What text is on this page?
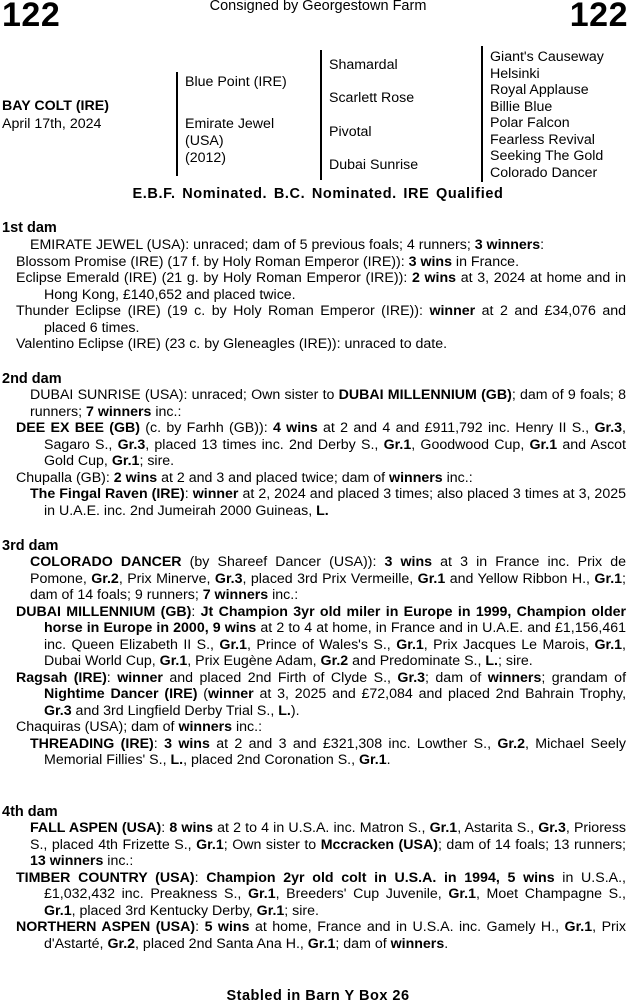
122	Consigned by Georgestown Farm	122
BAY COLT (IRE)
April 17th, 2024
Blue Point (IRE)
Emirate Jewel
(USA)
(2012)
Shamardal
Scarlett Rose
Pivotal
Dubai Sunrise
Giant's Causeway
Helsinki
Royal Applause
Billie Blue
Polar Falcon
Fearless Revival
Seeking The Gold
Colorado Dancer
E.B.F. Nominated. B.C. Nominated. IRE Qualified
1st dam

EMIRATE JEWEL (USA): unraced; dam of 5 previous foals; 4 runners; 3 winners:

Blossom Promise (IRE) (17 f. by Holy Roman Emperor (IRE)): 3 wins in France.

Eclipse Emerald (IRE) (21 g. by Holy Roman Emperor (IRE)): 2 wins at 3, 2024 at home and in Hong Kong, £140,652 and placed twice.

Thunder Eclipse (IRE) (19 c. by Holy Roman Emperor (IRE)): winner at 2 and £34,076 and placed 6 times.

Valentino Eclipse (IRE) (23 c. by Gleneagles (IRE)): unraced to date.

2nd dam

DUBAI SUNRISE (USA): unraced; Own sister to DUBAI MILLENNIUM (GB); dam of 9 foals; 8 runners; 7 winners inc.:

DEE EX BEE (GB) (c. by Farhh (GB)): 4 wins at 2 and 4 and £911,792 inc. Henry II S., Gr.3, Sagaro S., Gr.3, placed 13 times inc. 2nd Derby S., Gr.1, Goodwood Cup, Gr.1 and Ascot Gold Cup, Gr.1; sire.

Chupalla (GB): 2 wins at 2 and 3 and placed twice; dam of winners inc.:

The Fingal Raven (IRE): winner at 2, 2024 and placed 3 times; also placed 3 times at 3, 2025 in U.A.E. inc. 2nd Jumeirah 2000 Guineas, L.

3rd dam

COLORADO DANCER (by Shareef Dancer (USA)): 3 wins at 3 in France inc. Prix de Pomone, Gr.2, Prix Minerve, Gr.3, placed 3rd Prix Vermeille, Gr.1 and Yellow Ribbon H., Gr.1; dam of 14 foals; 9 runners; 7 winners inc.:

DUBAI MILLENNIUM (GB): Jt Champion 3yr old miler in Europe in 1999, Champion older horse in Europe in 2000, 9 wins at 2 to 4 at home, in France and in U.A.E. and £1,156,461 inc. Queen Elizabeth II S., Gr.1, Prince of Wales's S., Gr.1, Prix Jacques Le Marois, Gr.1, Dubai World Cup, Gr.1, Prix Eugène Adam, Gr.2 and Predominate S., L.; sire.

Ragsah (IRE): winner and placed 2nd Firth of Clyde S., Gr.3; dam of winners; grandam of Nightime Dancer (IRE) (winner at 3, 2025 and £72,084 and placed 2nd Bahrain Trophy, Gr.3 and 3rd Lingfield Derby Trial S., L.).

Chaquiras (USA); dam of winners inc.:

THREADING (IRE): 3 wins at 2 and 3 and £321,308 inc. Lowther S., Gr.2, Michael Seely Memorial Fillies' S., L., placed 2nd Coronation S., Gr.1.

4th dam

FALL ASPEN (USA): 8 wins at 2 to 4 in U.S.A. inc. Matron S., Gr.1, Astarita S., Gr.3, Prioress S., placed 4th Frizette S., Gr.1; Own sister to Mccracken (USA); dam of 14 foals; 13 runners; 13 winners inc.:

TIMBER COUNTRY (USA): Champion 2yr old colt in U.S.A. in 1994, 5 wins in U.S.A., £1,032,432 inc. Preakness S., Gr.1, Breeders' Cup Juvenile, Gr.1, Moet Champagne S., Gr.1, placed 3rd Kentucky Derby, Gr.1; sire.

NORTHERN ASPEN (USA): 5 wins at home, France and in U.S.A. inc. Gamely H., Gr.1, Prix d'Astarté, Gr.2, placed 2nd Santa Ana H., Gr.1; dam of winners.

Stabled in Barn Y Box 26
